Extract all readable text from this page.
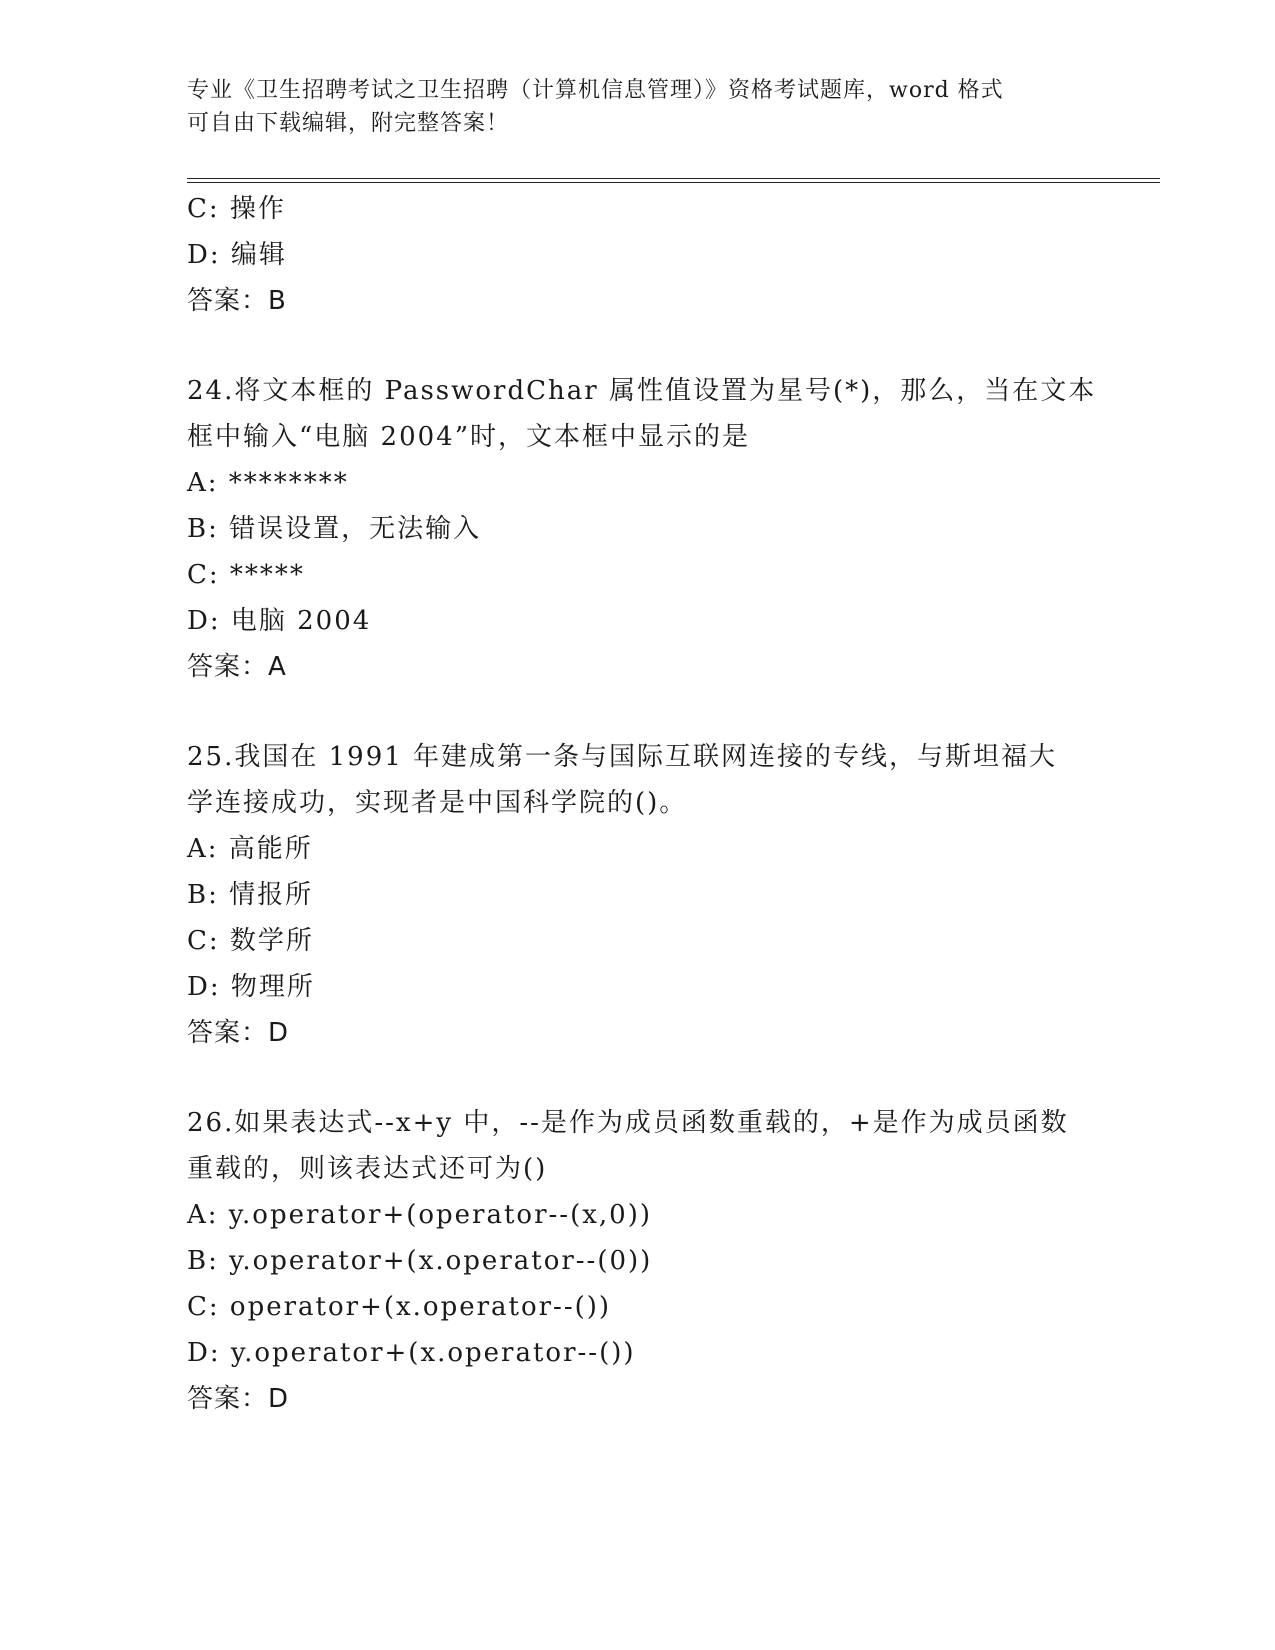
专业《卫生招聘考试之卫生招聘（计算机信息管理）》资格考试题库，word 格式
可自由下载编辑，附完整答案！
C: 操作
D: 编辑
答案：B
24.将文本框的 PasswordChar 属性值设置为星号(*)，那么，当在文本
框中输入“电脑 2004”时，文本框中显示的是
A: ********
B: 错误设置，无法输入
C: *****
D: 电脑 2004
答案：A
25.我国在 1991 年建成第一条与国际互联网连接的专线，与斯坦福大
学连接成功，实现者是中国科学院的()。
A: 高能所
B: 情报所
C: 数学所
D: 物理所
答案：D
26.如果表达式--x+y 中，--是作为成员函数重载的，+是作为成员函数
重载的，则该表达式还可为()
A: y.operator+(operator--(x,0))
B: y.operator+(x.operator--(0))
C: operator+(x.operator--())
D: y.operator+(x.operator--())
答案：D
